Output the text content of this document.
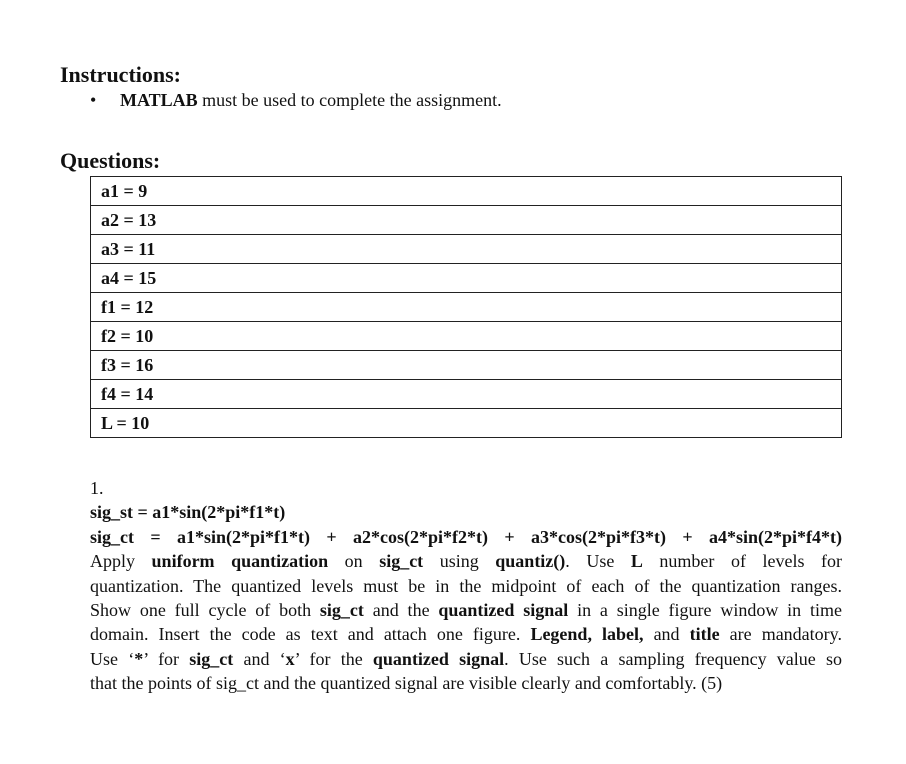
Instructions:
• MATLAB must be used to complete the assignment.
Questions:
a1 = 9
a2 = 13
a3 = 11
a4 = 15
f1 = 12
f2 = 10
f3 = 16
f4 = 14
L = 10

1.

sig_st = a1*sin(2*pi*f1*t)

sig_ct = a1*sin(2*pi*f1*t) + a2*cos(2*pi*f2*t) + a3*cos(2*pi*f3*t) + a4*sin(2*pi*f4*t)

Apply uniform quantization on sig_ct using quantiz(). Use L number of levels for

quantization. The quantized levels must be in the midpoint of each of the quantization ranges.

Show one full cycle of both sig_ct and the quantized signal in a single figure window in time

domain. Insert the code as text and attach one figure. Legend, label, and title are mandatory.

Use ‘*’ for sig_ct and ‘x’ for the quantized signal. Use such a sampling frequency value so

that the points of sig_ct and the quantized signal are visible clearly and comfortably. (5)
